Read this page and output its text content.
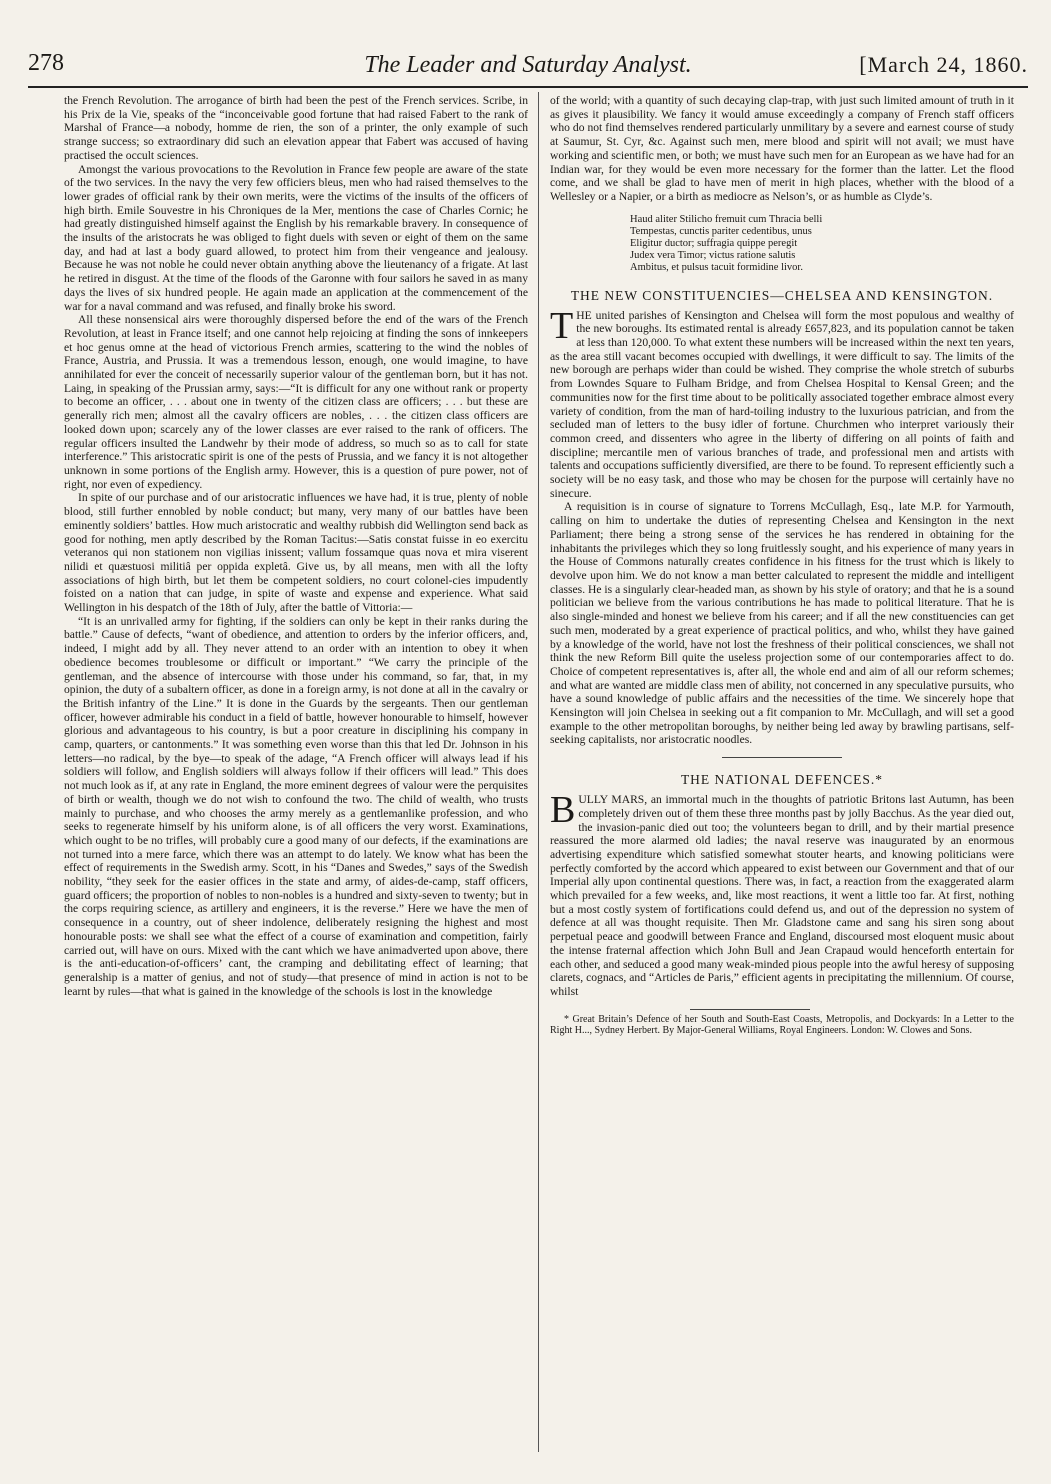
278	The Leader and Saturday Analyst.	[March 24, 1860.

the French Revolution. The arrogance of birth had been the pest of the French services. Scribe, in his Prix de la Vie, speaks of the “inconceivable good fortune that had raised Fabert to the rank of Marshal of France—a nobody, homme de rien, the son of a printer, the only example of such strange success; so extraordinary did such an elevation appear that Fabert was accused of having practised the occult sciences.

Amongst the various provocations to the Revolution in France few people are aware of the state of the two services. In the navy the very few officiers bleus, men who had raised themselves to the lower grades of official rank by their own merits, were the victims of the insults of the officers of high birth. Emile Souvestre in his Chroniques de la Mer, mentions the case of Charles Cornic; he had greatly distinguished himself against the English by his remarkable bravery. In consequence of the insults of the aristocrats he was obliged to fight duels with seven or eight of them on the same day, and had at last a body guard allowed, to protect him from their vengeance and jealousy. Because he was not noble he could never obtain anything above the lieutenancy of a frigate. At last he retired in disgust. At the time of the floods of the Garonne with four sailors he saved in as many days the lives of six hundred people. He again made an application at the commencement of the war for a naval command and was refused, and finally broke his sword.

All these nonsensical airs were thoroughly dispersed before the end of the wars of the French Revolution, at least in France itself; and one cannot help rejoicing at finding the sons of innkeepers et hoc genus omne at the head of victorious French armies, scattering to the wind the nobles of France, Austria, and Prussia. It was a tremendous lesson, enough, one would imagine, to have annihilated for ever the conceit of necessarily superior valour of the gentleman born, but it has not. Laing, in speaking of the Prussian army, says:—“It is difficult for any one without rank or property to become an officer, . . . about one in twenty of the citizen class are officers; . . . but these are generally rich men; almost all the cavalry officers are nobles, . . . the citizen class officers are looked down upon; scarcely any of the lower classes are ever raised to the rank of officers. The regular officers insulted the Landwehr by their mode of address, so much so as to call for state interference.” This aristocratic spirit is one of the pests of Prussia, and we fancy it is not altogether unknown in some portions of the English army. However, this is a question of pure power, not of right, nor even of expediency.

In spite of our purchase and of our aristocratic influences we have had, it is true, plenty of noble blood, still further ennobled by noble conduct; but many, very many of our battles have been eminently soldiers’ battles. How much aristocratic and wealthy rubbish did Wellington send back as good for nothing, men aptly described by the Roman Tacitus:—Satis constat fuisse in eo exercitu veteranos qui non stationem non vigilias inissent; vallum fossamque quas nova et mira viserent nilidi et quæstuosi militiâ per oppida expletâ. Give us, by all means, men with all the lofty associations of high birth, but let them be competent soldiers, no court colonel-cies impudently foisted on a nation that can judge, in spite of waste and expense and experience. What said Wellington in his despatch of the 18th of July, after the battle of Vittoria:—

“It is an unrivalled army for fighting, if the soldiers can only be kept in their ranks during the battle.” Cause of defects, “want of obedience, and attention to orders by the inferior officers, and, indeed, I might add by all. They never attend to an order with an intention to obey it when obedience becomes troublesome or difficult or important.” “We carry the principle of the gentleman, and the absence of intercourse with those under his command, so far, that, in my opinion, the duty of a subaltern officer, as done in a foreign army, is not done at all in the cavalry or the British infantry of the Line.” It is done in the Guards by the sergeants. Then our gentleman officer, however admirable his conduct in a field of battle, however honourable to himself, however glorious and advantageous to his country, is but a poor creature in disciplining his company in camp, quarters, or cantonments.” It was something even worse than this that led Dr. Johnson in his letters—no radical, by the bye—to speak of the adage, “A French officer will always lead if his soldiers will follow, and English soldiers will always follow if their officers will lead.” This does not much look as if, at any rate in England, the more eminent degrees of valour were the perquisites of birth or wealth, though we do not wish to confound the two. The child of wealth, who trusts mainly to purchase, and who chooses the army merely as a gentlemanlike profession, and who seeks to regenerate himself by his uniform alone, is of all officers the very worst. Examinations, which ought to be no trifles, will probably cure a good many of our defects, if the examinations are not turned into a mere farce, which there was an attempt to do lately. We know what has been the effect of requirements in the Swedish army. Scott, in his “Danes and Swedes,” says of the Swedish nobility, “they seek for the easier offices in the state and army, of aides-de-camp, staff officers, guard officers; the proportion of nobles to non-nobles is a hundred and sixty-seven to twenty; but in the corps requiring science, as artillery and engineers, it is the reverse.” Here we have the men of consequence in a country, out of sheer indolence, deliberately resigning the highest and most honourable posts: we shall see what the effect of a course of examination and competition, fairly carried out, will have on ours. Mixed with the cant which we have animadverted upon above, there is the anti-education-of-officers’ cant, the cramping and debilitating effect of learning; that generalship is a matter of genius, and not of study—that presence of mind in action is not to be learnt by rules—that what is gained in the knowledge of the schools is lost in the knowledge

of the world; with a quantity of such decaying clap-trap, with just such limited amount of truth in it as gives it plausibility. We fancy it would amuse exceedingly a company of French staff officers who do not find themselves rendered particularly unmilitary by a severe and earnest course of study at Saumur, St. Cyr, &c. Against such men, mere blood and spirit will not avail; we must have working and scientific men, or both; we must have such men for an European as we have had for an Indian war, for they would be even more necessary for the former than the latter. Let the flood come, and we shall be glad to have men of merit in high places, whether with the blood of a Wellesley or a Napier, or a birth as mediocre as Nelson’s, or as humble as Clyde’s.

Haud aliter Stilicho fremuit cum Thracia belli
Tempestas, cunctis pariter cedentibus, unus
Eligitur ductor; suffragia quippe peregit
Judex vera Timor; victus ratione salutis
Ambitus, et pulsus tacuit formidine livor.
THE NEW CONSTITUENCIES—CHELSEA AND KENSINGTON.

THE united parishes of Kensington and Chelsea will form the most populous and wealthy of the new boroughs. Its estimated rental is already £657,823, and its population cannot be taken at less than 120,000. To what extent these numbers will be increased within the next ten years, as the area still vacant becomes occupied with dwellings, it were difficult to say. The limits of the new borough are perhaps wider than could be wished. They comprise the whole stretch of suburbs from Lowndes Square to Fulham Bridge, and from Chelsea Hospital to Kensal Green; and the communities now for the first time about to be politically associated together embrace almost every variety of condition, from the man of hard-toiling industry to the luxurious patrician, and from the secluded man of letters to the busy idler of fortune. Churchmen who interpret variously their common creed, and dissenters who agree in the liberty of differing on all points of faith and discipline; mercantile men of various branches of trade, and professional men and artists with talents and occupations sufficiently diversified, are there to be found. To represent efficiently such a society will be no easy task, and those who may be chosen for the purpose will certainly have no sinecure.

A requisition is in course of signature to Torrens McCullagh, Esq., late M.P. for Yarmouth, calling on him to undertake the duties of representing Chelsea and Kensington in the next Parliament; there being a strong sense of the services he has rendered in obtaining for the inhabitants the privileges which they so long fruitlessly sought, and his experience of many years in the House of Commons naturally creates confidence in his fitness for the trust which is likely to devolve upon him. We do not know a man better calculated to represent the middle and intelligent classes. He is a singularly clear-headed man, as shown by his style of oratory; and that he is a sound politician we believe from the various contributions he has made to political literature. That he is also single-minded and honest we believe from his career; and if all the new constituencies can get such men, moderated by a great experience of practical politics, and who, whilst they have gained by a knowledge of the world, have not lost the freshness of their political consciences, we shall not think the new Reform Bill quite the useless projection some of our contemporaries affect to do. Choice of competent representatives is, after all, the whole end and aim of all our reform schemes; and what are wanted are middle class men of ability, not concerned in any speculative pursuits, who have a sound knowledge of public affairs and the necessities of the time. We sincerely hope that Kensington will join Chelsea in seeking out a fit companion to Mr. McCullagh, and will set a good example to the other metropolitan boroughs, by neither being led away by brawling partisans, self-seeking capitalists, nor aristocratic noodles.

THE NATIONAL DEFENCES.*

BULLY MARS, an immortal much in the thoughts of patriotic Britons last Autumn, has been completely driven out of them these three months past by jolly Bacchus. As the year died out, the invasion-panic died out too; the volunteers began to drill, and by their martial presence reassured the more alarmed old ladies; the naval reserve was inaugurated by an enormous advertising expenditure which satisfied somewhat stouter hearts, and knowing politicians were perfectly comforted by the accord which appeared to exist between our Government and that of our Imperial ally upon continental questions. There was, in fact, a reaction from the exaggerated alarm which prevailed for a few weeks, and, like most reactions, it went a little too far. At first, nothing but a most costly system of fortifications could defend us, and out of the depression no system of defence at all was thought requisite. Then Mr. Gladstone came and sang his siren song about perpetual peace and goodwill between France and England, discoursed most eloquent music about the intense fraternal affection which John Bull and Jean Crapaud would henceforth entertain for each other, and seduced a good many weak-minded pious people into the awful heresy of supposing clarets, cognacs, and “Articles de Paris,” efficient agents in precipitating the millennium. Of course, whilst

* Great Britain’s Defence of her South and South-East Coasts, Metropolis, and Dockyards: In a Letter to the Right H..., Sydney Herbert. By Major-General Williams, Royal Engineers. London: W. Clowes and Sons.
